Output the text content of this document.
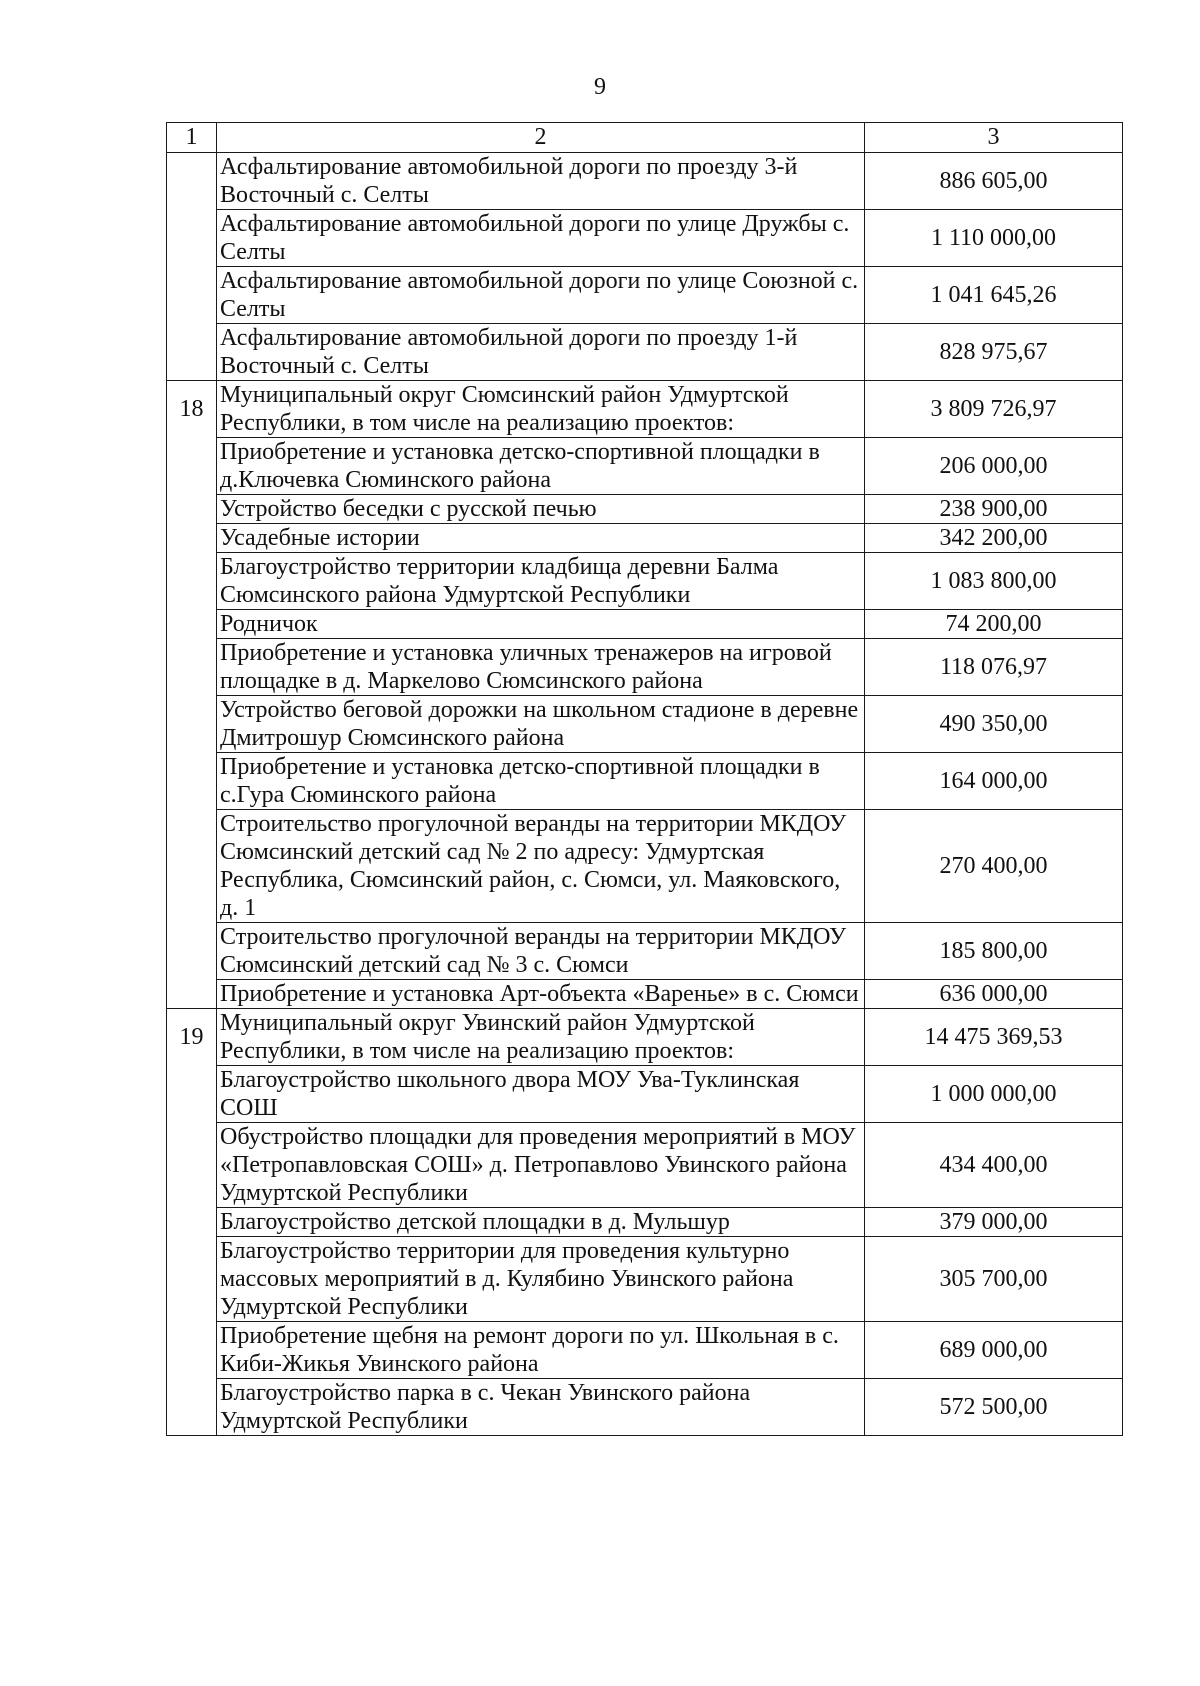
9
1	2	3
	Асфальтирование автомобильной дороги по проезду 3-й Восточный с. Селты	886 605,00
	Асфальтирование автомобильной дороги по улице Дружбы с. Селты	1 110 000,00
	Асфальтирование автомобильной дороги по улице Союзной с. Селты	1 041 645,26
	Асфальтирование автомобильной дороги по проезду 1-й Восточный с. Селты	828 975,67
18	Муниципальный округ Сюмсинский район Удмуртской Республики, в том числе на реализацию проектов:	3 809 726,97
	Приобретение и установка детско-спортивной площадки в д.Ключевка Сюминского района	206 000,00
	Устройство беседки с русской печью	238 900,00
	Усадебные истории	342 200,00
	Благоустройство территории кладбища деревни Балма Сюмсинского района Удмуртской Республики	1 083 800,00
	Родничок	74 200,00
	Приобретение и установка уличных тренажеров на игровой площадке в д. Маркелово Сюмсинского района	118 076,97
	Устройство беговой дорожки на школьном стадионе в деревне Дмитрошур Сюмсинского района	490 350,00
	Приобретение и установка детско-спортивной площадки в с.Гура Сюминского района	164 000,00
	Строительство прогулочной веранды на территории МКДОУ Сюмсинский детский сад № 2 по адресу: Удмуртская Республика, Сюмсинский район, с. Сюмси, ул. Маяковского, д. 1	270 400,00
	Строительство прогулочной веранды на территории МКДОУ Сюмсинский детский сад № 3 с. Сюмси	185 800,00
	Приобретение и установка Арт-объекта «Варенье» в с. Сюмси	636 000,00
19	Муниципальный округ Увинский район Удмуртской Республики, в том числе на реализацию проектов:	14 475 369,53
	Благоустройство школьного двора МОУ Ува-Туклинская СОШ	1 000 000,00
	Обустройство площадки для проведения мероприятий в МОУ «Петропавловская СОШ» д. Петропавлово Увинского района Удмуртской Республики	434 400,00
	Благоустройство детской площадки в д. Мульшур	379 000,00
	Благоустройство территории для проведения культурно массовых мероприятий в д. Кулябино Увинского района Удмуртской Республики	305 700,00
	Приобретение щебня на ремонт дороги по ул. Школьная в с. Киби-Жикья Увинского района	689 000,00
	Благоустройство парка в с. Чекан Увинского района Удмуртской Республики	572 500,00
